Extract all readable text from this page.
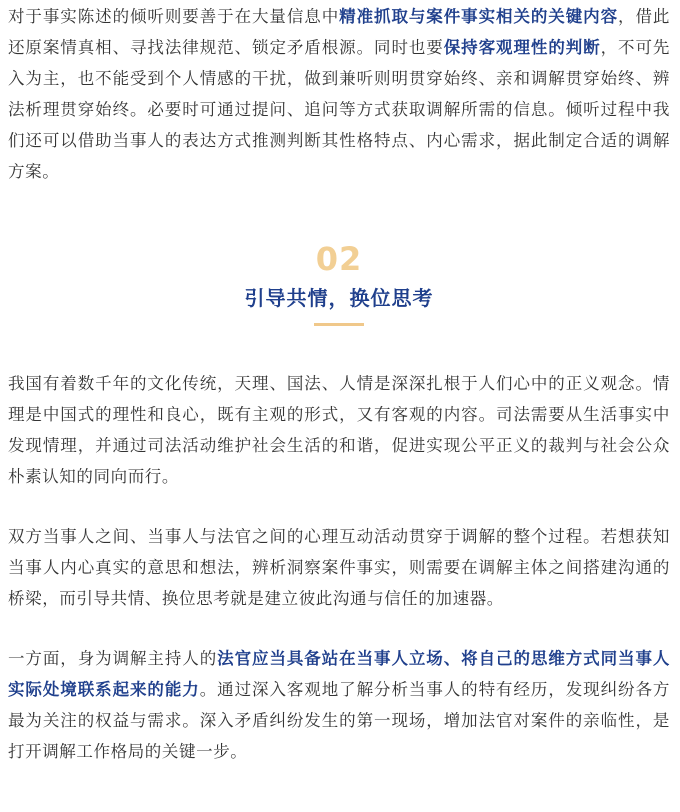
对于事实陈述的倾听则要善于在大量信息中精准抓取与案件事实相关的关键内容，借此还原案情真相、寻找法律规范、锁定矛盾根源。同时也要保持客观理性的判断，不可先入为主，也不能受到个人情感的干扰，做到兼听则明贯穿始终、亲和调解贯穿始终、辨法析理贯穿始终。必要时可通过提问、追问等方式获取调解所需的信息。倾听过程中我们还可以借助当事人的表达方式推测判断其性格特点、内心需求，据此制定合适的调解方案。

02
引导共情，换位思考

我国有着数千年的文化传统，天理、国法、人情是深深扎根于人们心中的正义观念。情理是中国式的理性和良心，既有主观的形式，又有客观的内容。司法需要从生活事实中发现情理，并通过司法活动维护社会生活的和谐，促进实现公平正义的裁判与社会公众朴素认知的同向而行。

双方当事人之间、当事人与法官之间的心理互动活动贯穿于调解的整个过程。若想获知当事人内心真实的意思和想法，辨析洞察案件事实，则需要在调解主体之间搭建沟通的桥梁，而引导共情、换位思考就是建立彼此沟通与信任的加速器。

一方面，身为调解主持人的法官应当具备站在当事人立场、将自己的思维方式同当事人实际处境联系起来的能力。通过深入客观地了解分析当事人的特有经历，发现纠纷各方最为关注的权益与需求。深入矛盾纠纷发生的第一现场，增加法官对案件的亲临性，是打开调解工作格局的关键一步。
